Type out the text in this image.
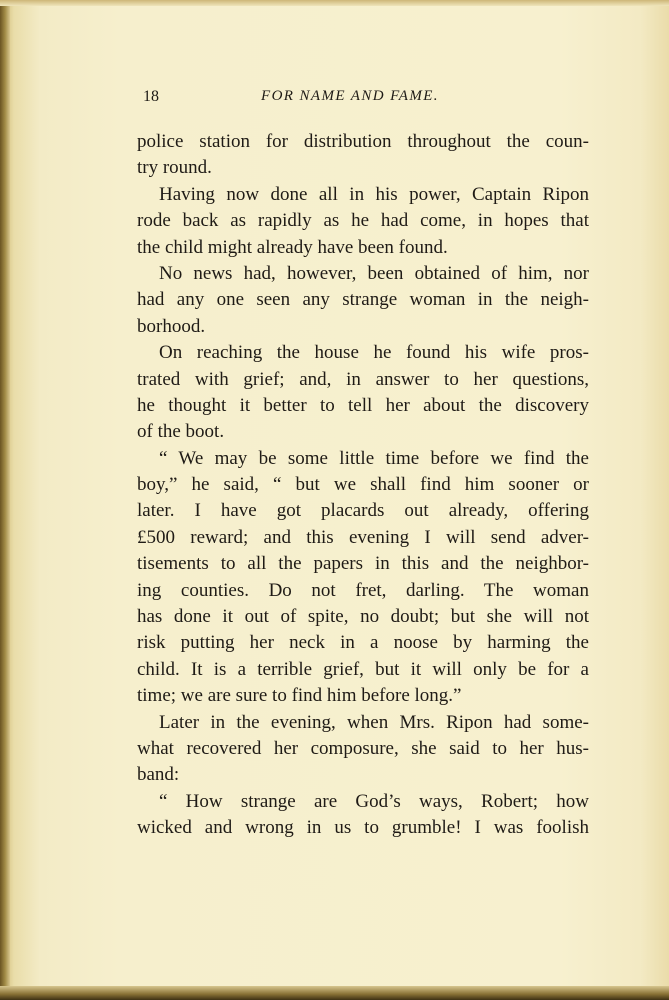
18	FOR NAME AND FAME.
police station for distribution throughout the coun-
try round.
Having now done all in his power, Captain Ripon
rode back as rapidly as he had come, in hopes that
the child might already have been found.
No news had, however, been obtained of him, nor
had any one seen any strange woman in the neigh-
borhood.
On reaching the house he found his wife pros-
trated with grief; and, in answer to her questions,
he thought it better to tell her about the discovery
of the boot.
“ We may be some little time before we find the
boy,” he said, “ but we shall find him sooner or
later. I have got placards out already, offering
£500 reward; and this evening I will send adver-
tisements to all the papers in this and the neighbor-
ing counties. Do not fret, darling. The woman
has done it out of spite, no doubt; but she will not
risk putting her neck in a noose by harming the
child. It is a terrible grief, but it will only be for a
time; we are sure to find him before long.”
Later in the evening, when Mrs. Ripon had some-
what recovered her composure, she said to her hus-
band:
“ How strange are God’s ways, Robert; how
wicked and wrong in us to grumble! I was foolish
